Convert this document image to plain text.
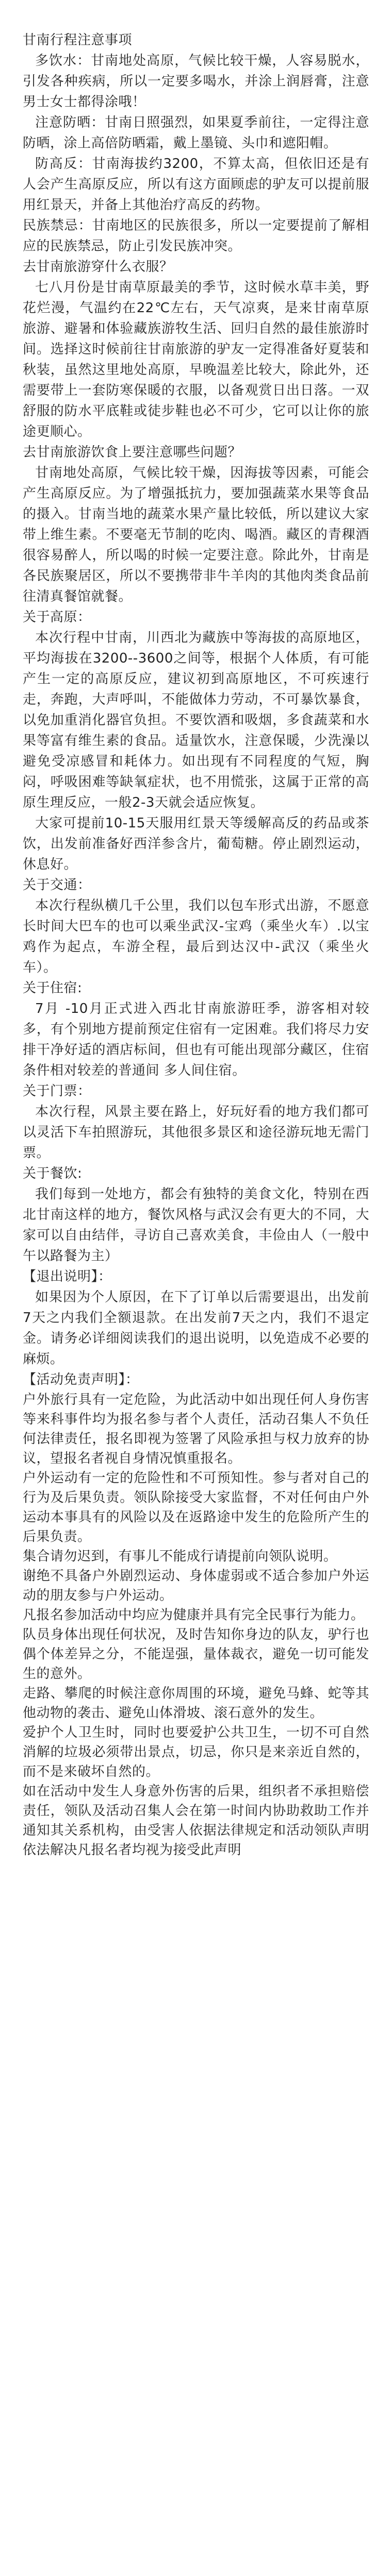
甘南行程注意事项

多饮水：甘南地处高原，气候比较干燥，人容易脱水，引发各种疾病，所以一定要多喝水，并涂上润唇膏，注意男士女士都得涂哦！

注意防晒：甘南日照强烈，如果夏季前往，一定得注意防晒，涂上高倍防晒霜，戴上墨镜、头巾和遮阳帽。

防高反：甘南海拔约3200，不算太高，但依旧还是有人会产生高原反应，所以有这方面顾虑的驴友可以提前服用红景天，并备上其他治疗高反的药物。

民族禁忌：甘南地区的民族很多，所以一定要提前了解相应的民族禁忌，防止引发民族冲突。

去甘南旅游穿什么衣服？

七八月份是甘南草原最美的季节，这时候水草丰美，野花烂漫，气温约在22℃左右，天气凉爽，是来甘南草原旅游、避暑和体验藏族游牧生活、回归自然的最佳旅游时间。选择这时候前往甘南旅游的驴友一定得准备好夏装和秋装，虽然这里地处高原，早晚温差比较大，除此外，还需要带上一套防寒保暖的衣服，以备观赏日出日落。一双舒服的防水平底鞋或徒步鞋也必不可少，它可以让你的旅途更顺心。

去甘南旅游饮食上要注意哪些问题？

甘南地处高原，气候比较干燥，因海拔等因素，可能会产生高原反应。为了增强抵抗力，要加强蔬菜水果等食品的摄入。甘南当地的蔬菜水果产量比较低，所以建议大家带上维生素。不要毫无节制的吃肉、喝酒。藏区的青稞酒很容易醉人，所以喝的时候一定要注意。除此外，甘南是各民族聚居区，所以不要携带非牛羊肉的其他肉类食品前往清真餐馆就餐。

关于高原：

本次行程中甘南，川西北为藏族中等海拔的高原地区，平均海拔在3200--3600之间等，根据个人体质，有可能产生一定的高原反应，建议初到高原地区，不可疾速行走，奔跑，大声呼叫，不能做体力劳动，不可暴饮暴食，以免加重消化器官负担。不要饮酒和吸烟，多食蔬菜和水果等富有维生素的食品。适量饮水，注意保暖，少洗澡以避免受凉感冒和耗体力。如出现有不同程度的气短，胸闷，呼吸困难等缺氧症状，也不用慌张，这属于正常的高原生理反应，一般2-3天就会适应恢复。

大家可提前10-15天服用红景天等缓解高反的药品或茶饮，出发前准备好西洋参含片，葡萄糖。停止剧烈运动，休息好。

关于交通：

本次行程纵横几千公里，我们以包车形式出游，不愿意长时间大巴车的也可以乘坐武汉-宝鸡（乘坐火车）.以宝鸡作为起点，车游全程，最后到达汉中-武汉（乘坐火车）。

关于住宿:

7月 -10月正式进入西北甘南旅游旺季，游客相对较多，有个别地方提前预定住宿有一定困难。我们将尽力安排干净好适的酒店标间，但也有可能出现部分藏区，住宿条件相对较差的普通间 多人间住宿。

关于门票：

本次行程，风景主要在路上，好玩好看的地方我们都可以灵活下车拍照游玩，其他很多景区和途径游玩地无需门票。

关于餐饮:

我们每到一处地方，都会有独特的美食文化，特别在西北甘南这样的地方，餐饮风格与武汉会有更大的不同，大家可以自由结伴，寻访自己喜欢美食，丰俭由人（一般中午以路餐为主）

【退出说明】：

如果因为个人原因，在下了订单以后需要退出，出发前7天之内我们全额退款。在出发前7天之内，我们不退定金。请务必详细阅读我们的退出说明，以免造成不必要的麻烦。

【活动免责声明】：

户外旅行具有一定危险，为此活动中如出现任何人身伤害等来科事件均为报名参与者个人责任，活动召集人不负任何法律责任，报名即视为签署了风险承担与权力放弃的协议，望报名者视自身情况慎重报名。

户外运动有一定的危险性和不可预知性。参与者对自己的行为及后果负责。领队除接受大家监督，不对任何由户外运动本事具有的风险以及在返路途中发生的危险所产生的后果负责。

集合请勿迟到，有事儿不能成行请提前向领队说明。

谢绝不具备户外剧烈运动、身体虚弱或不适合参加户外运动的朋友参与户外运动。

凡报名参加活动中均应为健康并具有完全民事行为能力。

队员身体出现任何状况，及时告知你身边的队友，驴行也偶个体差异之分，不能逞强，量体裁衣，避免一切可能发生的意外。

走路、攀爬的时候注意你周围的环境，避免马蜂、蛇等其他动物的袭击、避免山体滑坡、滚石意外的发生。

爱护个人卫生时，同时也要爱护公共卫生，一切不可自然消解的垃圾必须带出景点，切忌，你只是来亲近自然的，而不是来破坏自然的。

如在活动中发生人身意外伤害的后果，组织者不承担赔偿责任，领队及活动召集人会在第一时间内协助救助工作并通知其关系机构，由受害人依据法律规定和活动领队声明依法解决凡报名者均视为接受此声明
